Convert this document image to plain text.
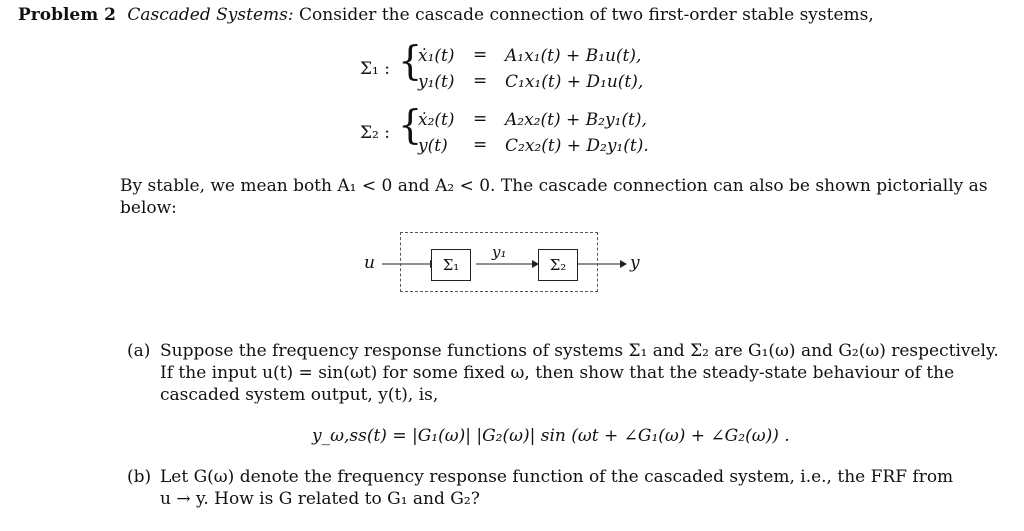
Problem 2 Cascaded Systems: Consider the cascade connection of two first-order stable systems,
Σ₁ : {
ẋ₁(t) = A₁x₁(t) + B₁u(t),
y₁(t) = C₁x₁(t) + D₁u(t),
Σ₂ : {
ẋ₂(t) = A₂x₂(t) + B₂y₁(t),
y(t) = C₂x₂(t) + D₂y₁(t).
By stable, we mean both A₁ < 0 and A₂ < 0. The cascade connection can also be shown pictorially as
below:
u	Σ₁	Σ₂
y₁
y
(a) Suppose the frequency response functions of systems Σ₁ and Σ₂ are G₁(ω) and G₂(ω) respectively.
If the input u(t) = sin(ωt) for some fixed ω, then show that the steady-state behaviour of the
cascaded system output, y(t), is,
y_ω,ss(t) = |G₁(ω)| |G₂(ω)| sin (ωt + ∠G₁(ω) + ∠G₂(ω)) .
(b) Let G(ω) denote the frequency response function of the cascaded system, i.e., the FRF from
u → y. How is G related to G₁ and G₂?
